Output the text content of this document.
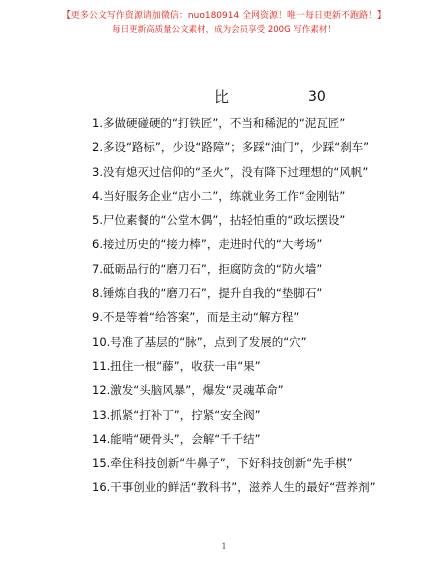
【更多公文写作资源请加微信：nuo180914 全网资源！唯一每日更新不跑路！】
每日更新高质量公文素材，成为会员享受 200G 写作素材！
比	30
1.多做硬碰硬的“打铁匠”，不当和稀泥的“泥瓦匠”
2.多设“路标”，少设“路障”；多踩“油门”，少踩“刹车”
3.没有熄灭过信仰的“圣火”，没有降下过理想的“风帆”
4.当好服务企业“店小二”，练就业务工作“金刚钻”
5.尸位素餐的“公堂木偶”，拈轻怕重的“政坛摆设”
6.接过历史的“接力棒”，走进时代的“大考场”
7.砥砺品行的“磨刀石”，拒腐防贪的“防火墙”
8.锤炼自我的“磨刀石”，提升自我的“垫脚石”
9.不是等着“给答案”，而是主动“解方程”
10.号准了基层的“脉”，点到了发展的“穴”
11.扭住一根“藤”，收获一串“果”
12.激发“头脑风暴”，爆发“灵魂革命”
13.抓紧“打补丁”，拧紧“安全阀”
14.能啃“硬骨头”，会解“千千结”
15.牵住科技创新“牛鼻子”，下好科技创新“先手棋”
16.干事创业的鲜活“教科书”，滋养人生的最好“营养剂”
1
